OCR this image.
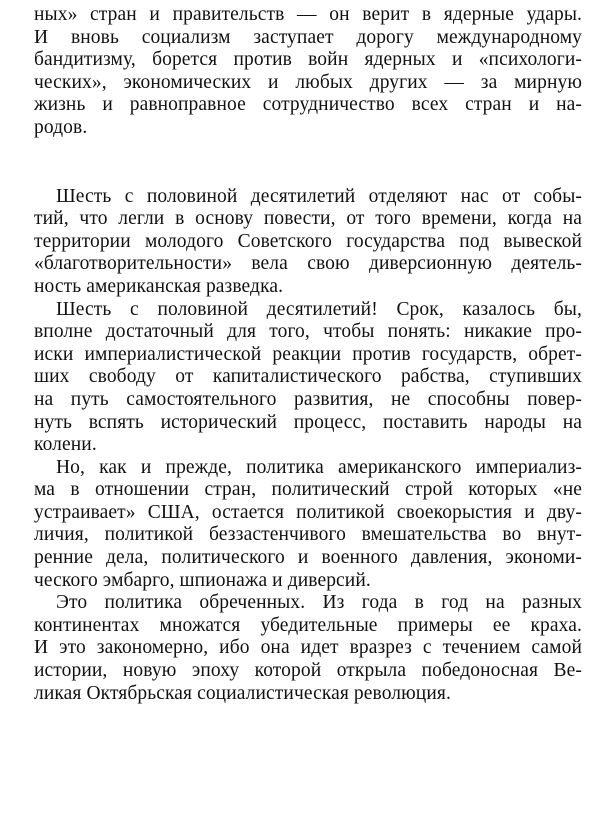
ных» стран и правительств — он верит в ядерные удары.
И вновь социализм заступает дорогу международному
бандитизму, борется против войн ядерных и «психологи-
ческих», экономических и любых других — за мирную
жизнь и равноправное сотрудничество всех стран и на-
родов.
Шесть с половиной десятилетий отделяют нас от собы-
тий, что легли в основу повести, от того времени, когда на
территории молодого Советского государства под вывеской
«благотворительности» вела свою диверсионную деятель-
ность американская разведка.
Шесть с половиной десятилетий! Срок, казалось бы,
вполне достаточный для того, чтобы понять: никакие про-
иски империалистической реакции против государств, обрет-
ших свободу от капиталистического рабства, ступивших
на путь самостоятельного развития, не способны повер-
нуть вспять исторический процесс, поставить народы на
колени.
Но, как и прежде, политика американского империализ-
ма в отношении стран, политический строй которых «не
устраивает» США, остается политикой своекорыстия и дву-
личия, политикой беззастенчивого вмешательства во внут-
ренние дела, политического и военного давления, экономи-
ческого эмбарго, шпионажа и диверсий.
Это политика обреченных. Из года в год на разных
континентах множатся убедительные примеры ее краха.
И это закономерно, ибо она идет вразрез с течением самой
истории, новую эпоху которой открыла победоносная Ве-
ликая Октябрьская социалистическая революция.
